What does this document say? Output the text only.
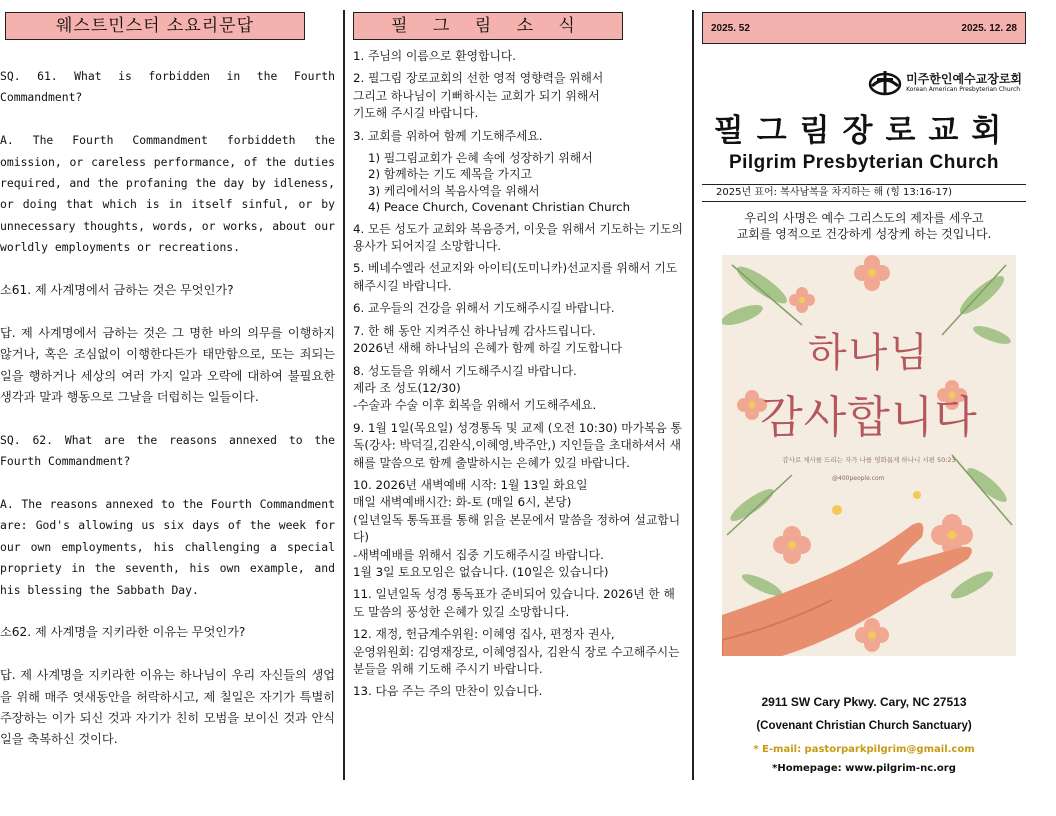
웨스트민스터 소요리문답

SQ. 61. What is forbidden in the Fourth Commandment?

A. The Fourth Commandment forbiddeth the omission, or careless performance, of the duties required, and the profaning the day by idleness, or doing that which is in itself sinful, or by unnecessary thoughts, words, or works, about our worldly employments or recreations.

소61. 제 사계명에서 금하는 것은 무엇인가?

답. 제 사계명에서 금하는 것은 그 명한 바의 의무를 이행하지 않거나, 혹은 조심없이 이행한다든가 태만함으로, 또는 죄되는 일을 행하거나 세상의 여러 가지 일과 오락에 대하여 불필요한 생각과 말과 행동으로 그날을 더럽히는 일들이다.

SQ. 62. What are the reasons annexed to the Fourth Commandment?

A. The reasons annexed to the Fourth Commandment are: God's allowing us six days of the week for our own employments, his challenging a special propriety in the seventh, his own example, and his blessing the Sabbath Day.

소62. 제 사계명을 지키라한 이유는 무엇인가?

답. 제 사계명을 지키라한 이유는 하나님이 우리 자신들의 생업을 위해 매주 엿새동안을 허락하시고, 제 칠일은 자기가 특별히 주장하는 이가 되신 것과 자기가 친히 모범을 보이신 것과 안식일을 축복하신 것이다.

필 그 림 소 식

1. 주님의 이름으로 환영합니다.

2. 필그림 장로교회의 선한 영적 영향력을 위해서
그리고 하나님이 기뻐하시는 교회가 되기 위해서
기도해 주시길 바랍니다.

3. 교회를 위하여 함께 기도해주세요.

1) 필그림교회가 은혜 속에 성장하기 위해서
2) 함께하는 기도 제목을 가지고
3) 케리에서의 복음사역을 위해서
4) Peace Church, Covenant Christian Church

4. 모든 성도가 교회와 복음증거, 이웃을 위해서 기도하는 기도의 용사가 되어지길 소망합니다.

5. 베네수엘라 선교지와 아이티(도미니카)선교지를 위해서 기도해주시길 바랍니다.

6. 교우들의 건강을 위해서 기도해주시길 바랍니다.

7. 한 해 동안 지켜주신 하나님께 감사드립니다.
2026년 새해 하나님의 은혜가 함께 하길 기도합니다

8. 성도들을 위해서 기도해주시길 바랍니다.
제라 조 성도(12/30)
-수술과 수술 이후 회복을 위해서 기도해주세요.

9. 1월 1일(목요일) 성경통독 및 교제 (오전 10:30) 마가복음 통독(강사: 박덕길,김완식,이혜영,박주안,) 지인들을 초대하셔서 새해를 말씀으로 함께 출발하시는 은혜가 있길 바랍니다.

10. 2026년 새벽예배 시작: 1월 13일 화요일
매일 새벽예배시간: 화-토 (매일 6시, 본당)
(일년일독 통독표를 통해 읽을 본문에서 말씀을 정하여 설교합니다)
-새벽예배를 위해서 집중 기도해주시길 바랍니다.
1월 3일 토요모임은 없습니다. (10일은 있습니다)

11. 일년일독 성경 통독표가 준비되어 있습니다. 2026년 한 해도 말씀의 풍성한 은혜가 있길 소망합니다.

12. 재정, 헌금계수위원: 이혜영 집사, 편정자 권사,
운영위원회: 김영재장로, 이혜영집사, 김완식 장로 수고해주시는 분들을 위해 기도해 주시기 바랍니다.

13. 다음 주는 주의 만찬이 있습니다.

2025. 52	2025. 12. 28
미주한인예수교장로회
Korean American Presbyterian Church
필그림장로교회
Pilgrim Presbyterian Church
2025년 표어: 복사남복을 차지하는 해 (힝 13:16-17)
우리의 사명은 예수 그리스도의 제자를 세우고
교회를 영적으로 건강하게 성장케 하는 것입니다.
하나님
감사합니다
감사로 제사를 드리는 자가 나를 영화롭게 하나니 시편 50:23
@400people.com
2911 SW Cary Pkwy. Cary, NC 27513
(Covenant Christian Church Sanctuary)
* E-mail: pastorparkpilgrim@gmail.com
*Homepage: www.pilgrim-nc.org
